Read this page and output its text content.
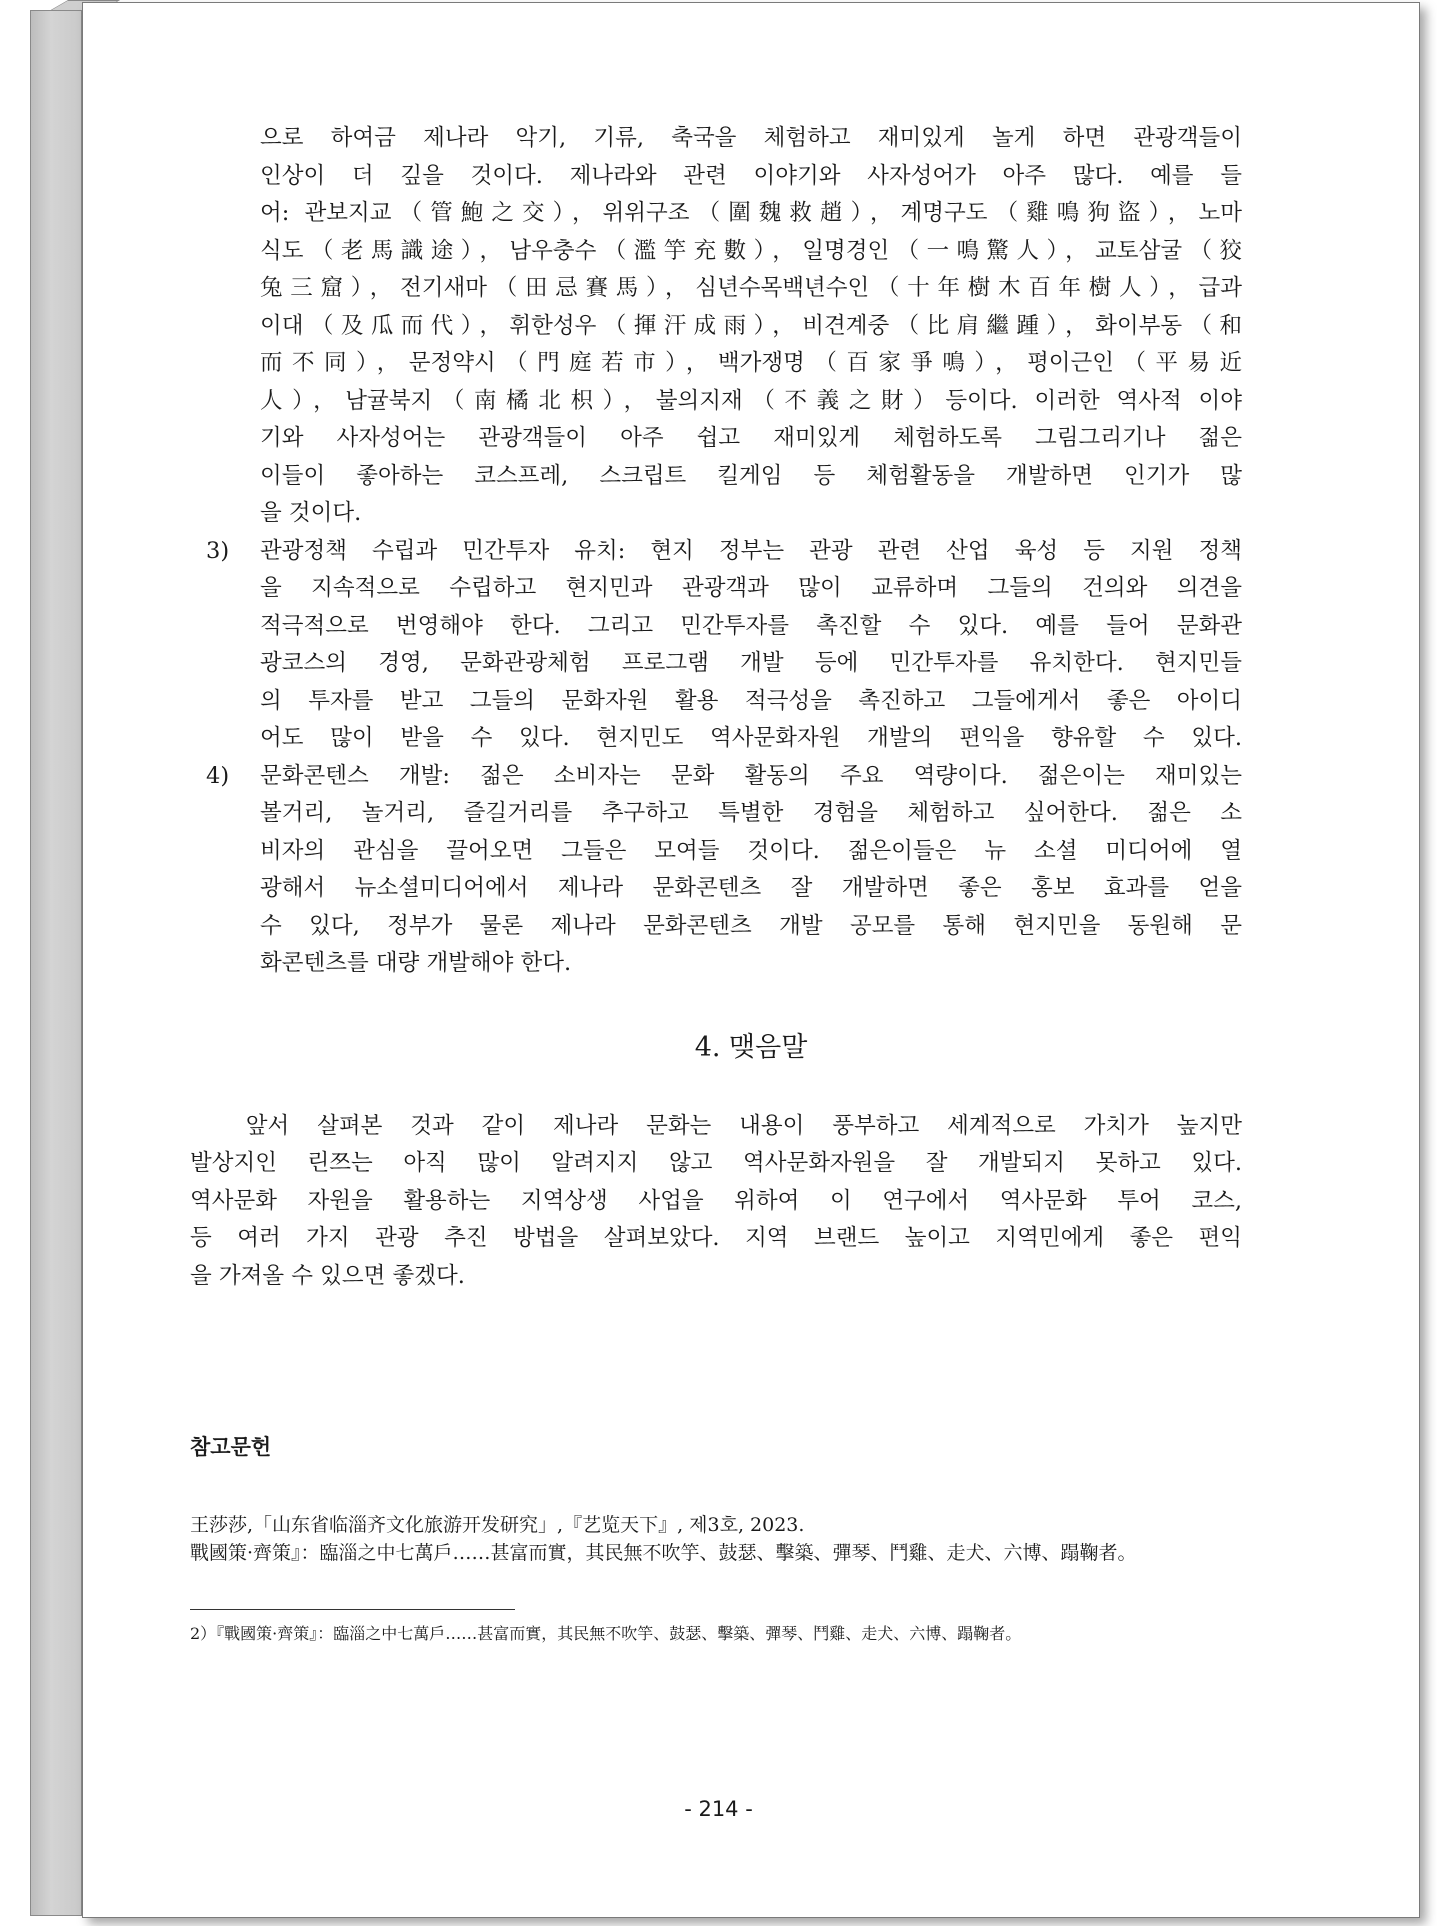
으로 하여금 제나라 악기, 기류, 축국을 체험하고 재미있게 놀게 하면 관광객들이
인상이 더 깊을 것이다. 제나라와 관련 이야기와 사자성어가 아주 많다. 예를 들
어: 관보지교（管鮑之交），위위구조（圍魏救趙），계명구도（雞鳴狗盜），노마
식도（老馬識途），남우충수（濫竽充數），일명경인（一鳴驚人），교토삼굴（狡
兔三窟），전기새마（田忌賽馬），심년수목백년수인（十年樹木百年樹人），급과
이대（及瓜而代），휘한성우（揮汗成雨），비견계중（比肩繼踵），화이부동（和
而不同），문정약시（門庭若市），백가쟁명（百家爭鳴），평이근인（平易近
人），남귤북지（南橘北枳），불의지재（不義之財）등이다. 이러한 역사적 이야
기와 사자성어는 관광객들이 아주 쉽고 재미있게 체험하도록 그림그리기나 젊은
이들이 좋아하는 코스프레, 스크립트 킬게임 등 체험활동을 개발하면 인기가 많
을 것이다.
3) 관광정책 수립과 민간투자 유치: 현지 정부는 관광 관련 산업 육성 등 지원 정책
을 지속적으로 수립하고 현지민과 관광객과 많이 교류하며 그들의 건의와 의견을
적극적으로 번영해야 한다. 그리고 민간투자를 촉진할 수 있다. 예를 들어 문화관
광코스의 경영, 문화관광체험 프로그램 개발 등에 민간투자를 유치한다. 현지민들
의 투자를 받고 그들의 문화자원 활용 적극성을 촉진하고 그들에게서 좋은 아이디
어도 많이 받을 수 있다. 현지민도 역사문화자원 개발의 편익을 향유할 수 있다.
4) 문화콘텐스 개발: 젊은 소비자는 문화 활동의 주요 역량이다. 젊은이는 재미있는
볼거리, 놀거리, 즐길거리를 추구하고 특별한 경험을 체험하고 싶어한다. 젊은 소
비자의 관심을 끌어오면 그들은 모여들 것이다. 젊은이들은 뉴 소셜 미디어에 열
광해서 뉴소셜미디어에서 제나라 문화콘텐츠 잘 개발하면 좋은 홍보 효과를 얻을
수 있다, 정부가 물론 제나라 문화콘텐츠 개발 공모를 통해 현지민을 동원해 문
화콘텐츠를 대량 개발해야 한다.
4. 맺음말
앞서 살펴본 것과 같이 제나라 문화는 내용이 풍부하고 세계적으로 가치가 높지만
발상지인 린쯔는 아직 많이 알려지지 않고 역사문화자원을 잘 개발되지 못하고 있다.
역사문화 자원을 활용하는 지역상생 사업을 위하여 이 연구에서 역사문화 투어 코스,
등 여러 가지 관광 추진 방법을 살펴보았다. 지역 브랜드 높이고 지역민에게 좋은 편익
을 가져올 수 있으면 좋겠다.
참고문헌
王莎莎,「山东省临淄齐文化旅游开发研究」,『艺览天下』, 제3호, 2023.
戰國策·齊策』：臨淄之中七萬戶……甚富而實，其民無不吹竽、鼓瑟、擊築、彈琴、鬥雞、走犬、六博、蹋鞠者。
2）『戰國策·齊策』：臨淄之中七萬戶……甚富而實，其民無不吹竽、鼓瑟、擊築、彈琴、鬥雞、走犬、六博、蹋鞠者。
- 214 -
